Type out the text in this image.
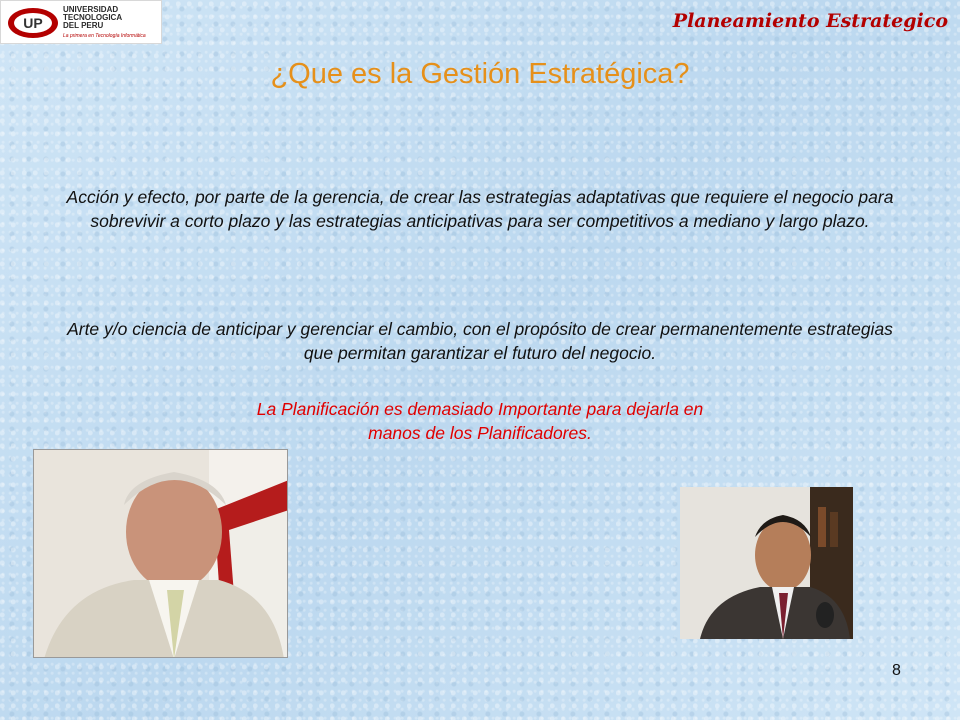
UP
UNIVERSIDAD
TECNOLOGICA
DEL PERU
La primera en Tecnología Informática
Planeamiento Estrategico
¿Que es la Gestión Estratégica?

Acción y efecto, por parte de la gerencia, de crear las estrategias adaptativas que requiere el negocio para sobrevivir a corto plazo y las estrategias anticipativas para ser competitivos a mediano y largo plazo.

Arte y/o ciencia de anticipar y gerenciar el cambio, con el propósito de crear permanentemente estrategias que permitan garantizar el futuro del negocio.

La Planificación es demasiado Importante para dejarla en
manos de los Planificadores.
8
